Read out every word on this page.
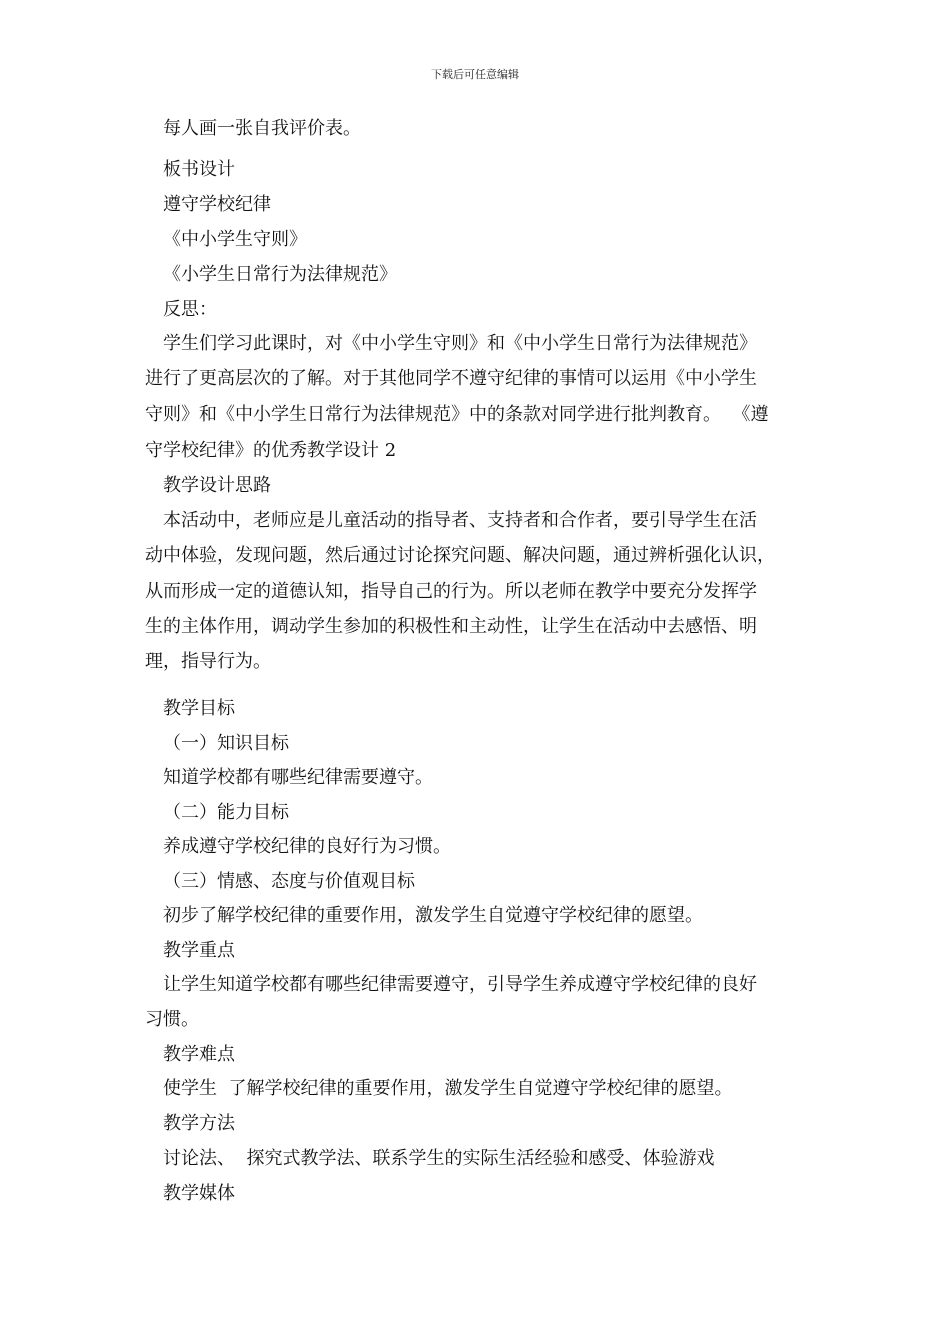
下载后可任意编辑
每人画一张自我评价表。
板书设计
遵守学校纪律
《中小学生守则》
《小学生日常行为法律规范》
反思：
学生们学习此课时，对《中小学生守则》和《中小学生日常行为法律规范》
进行了更高层次的了解。对于其他同学不遵守纪律的事情可以运用《中小学生
守则》和《中小学生日常行为法律规范》中的条款对同学进行批判教育。  《遵
守学校纪律》的优秀教学设计 2
教学设计思路
本活动中，老师应是儿童活动的指导者、支持者和合作者，要引导学生在活
动中体验，发现问题，然后通过讨论探究问题、解决问题，通过辨析强化认识，
从而形成一定的道德认知，指导自己的行为。所以老师在教学中要充分发挥学
生的主体作用，调动学生参加的积极性和主动性，让学生在活动中去感悟、明
理，指导行为。
教学目标
（一）知识目标
知道学校都有哪些纪律需要遵守。
（二）能力目标
养成遵守学校纪律的良好行为习惯。
（三）情感、态度与价值观目标
初步了解学校纪律的重要作用，激发学生自觉遵守学校纪律的愿望。
教学重点
让学生知道学校都有哪些纪律需要遵守，引导学生养成遵守学校纪律的良好
习惯。
教学难点
使学生  了解学校纪律的重要作用，激发学生自觉遵守学校纪律的愿望。
教学方法
讨论法、  探究式教学法、联系学生的实际生活经验和感受、体验游戏
教学媒体
